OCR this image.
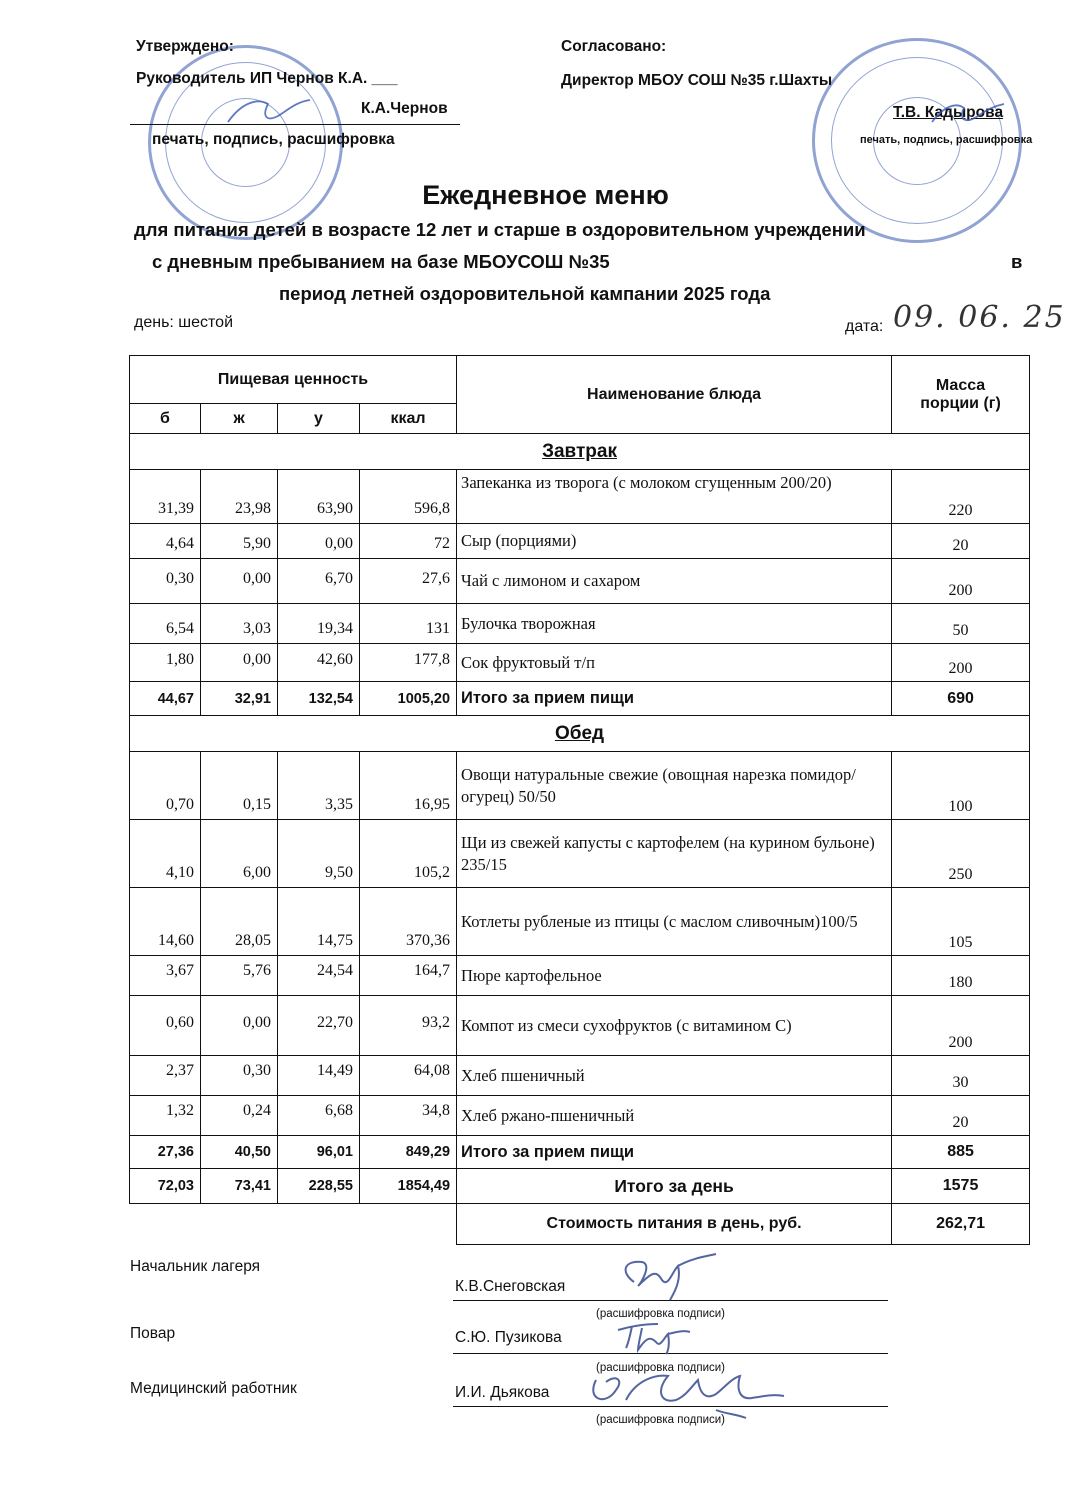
Утверждено:
Руководитель ИП Чернов К.А. ___
К.А.Чернов
печать, подпись, расшифровка
Согласовано:
Директор МБОУ СОШ №35 г.Шахты
Т.В. Кадырова
печать, подпись, расшифровка
Ежедневное меню
для питания детей в возрасте 12 лет и старше в оздоровительном учреждении
с дневным пребыванием на базе МБОУСОШ №35	в
период летней оздоровительной кампании 2025 года
день: шестой	дата: 09. 06. 25
Пищевая ценность				Наименование блюда	Масса порции (г)
б	ж	у	ккал		
Завтрак					
31,39	23,98	63,90	596,8	Запеканка из творога (с молоком сгущенным 200/20)	220
4,64	5,90	0,00	72	Сыр (порциями)	20
0,30	0,00	6,70	27,6	Чай с лимоном и сахаром	200
6,54	3,03	19,34	131	Булочка творожная	50
1,80	0,00	42,60	177,8	Сок фруктовый т/п	200
44,67	32,91	132,54	1005,20	Итого за прием пищи	690
Обед					
0,70	0,15	3,35	16,95	Овощи натуральные свежие (овощная нарезка помидор/огурец) 50/50	100
4,10	6,00	9,50	105,2	Щи из свежей капусты с картофелем (на курином бульоне) 235/15	250
14,60	28,05	14,75	370,36	Котлеты рубленые из птицы (с маслом сливочным)100/5	105
3,67	5,76	24,54	164,7	Пюре картофельное	180
0,60	0,00	22,70	93,2	Компот из смеси сухофруктов (с витамином С)	200
2,37	0,30	14,49	64,08	Хлеб пшеничный	30
1,32	0,24	6,68	34,8	Хлеб ржано-пшеничный	20
27,36	40,50	96,01	849,29	Итого за прием пищи	885
72,03	73,41	228,55	1854,49	Итого за день	1575
				Стоимость питания в день, руб.	262,71
Начальник лагеря
К.В.Снеговская
(расшифровка подписи)
Повар	С.Ю. Пузикова
(расшифровка подписи)
Медицинский работник	И.И. Дьякова
(расшифровка подписи)
